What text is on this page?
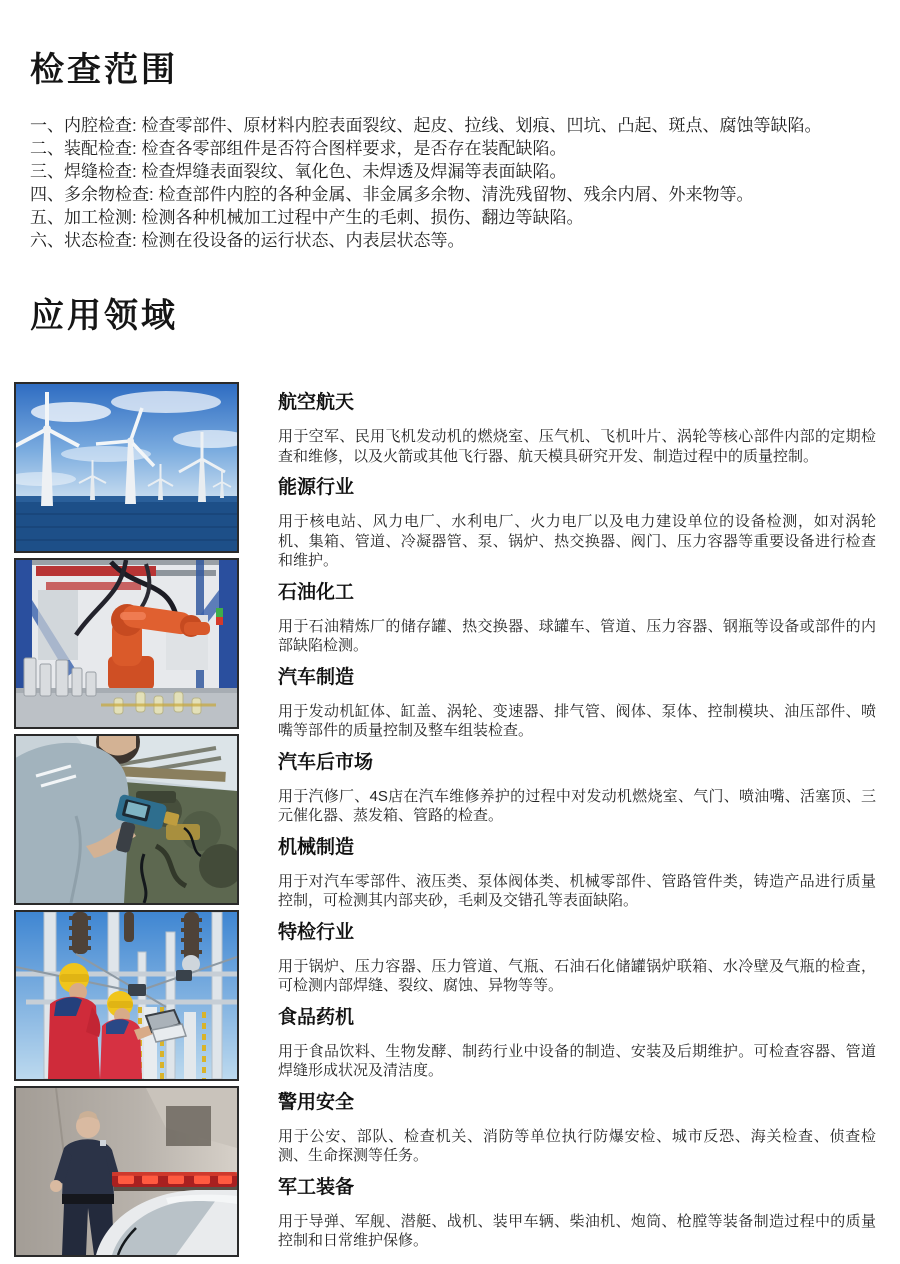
检查范围
一、内腔检查: 检查零部件、原材料内腔表面裂纹、起皮、拉线、划痕、凹坑、凸起、斑点、腐蚀等缺陷。
二、装配检查: 检查各零部组件是否符合图样要求，是否存在装配缺陷。
三、焊缝检查: 检查焊缝表面裂纹、氧化色、未焊透及焊漏等表面缺陷。
四、多余物检查: 检查部件内腔的各种金属、非金属多余物、清洗残留物、残余内屑、外来物等。
五、加工检测: 检测各种机械加工过程中产生的毛刺、损伤、翻边等缺陷。
六、状态检查: 检测在役设备的运行状态、内表层状态等。
应用领域
航空航天

用于空军、民用飞机发动机的燃烧室、压气机、飞机叶片、涡轮等核心部件内部的定期检查和维修，以及火箭或其他飞行器、航天模具研究开发、制造过程中的质量控制。

能源行业

用于核电站、风力电厂、水利电厂、火力电厂以及电力建设单位的设备检测，如对涡轮机、集箱、管道、冷凝器管、泵、锅炉、热交换器、阀门、压力容器等重要设备进行检查和维护。

石油化工

用于石油精炼厂的储存罐、热交换器、球罐车、管道、压力容器、钢瓶等设备或部件的内部缺陷检测。

汽车制造

用于发动机缸体、缸盖、涡轮、变速器、排气管、阀体、泵体、控制模块、油压部件、喷嘴等部件的质量控制及整车组装检查。

汽车后市场

用于汽修厂、4S店在汽车维修养护的过程中对发动机燃烧室、气门、喷油嘴、活塞顶、三元催化器、蒸发箱、管路的检查。

机械制造

用于对汽车零部件、液压类、泵体阀体类、机械零部件、管路管件类，铸造产品进行质量控制，可检测其内部夹砂，毛刺及交错孔等表面缺陷。

特检行业

用于锅炉、压力容器、压力管道、气瓶、石油石化储罐锅炉联箱、水冷壁及气瓶的检查，可检测内部焊缝、裂纹、腐蚀、异物等等。

食品药机

用于食品饮料、生物发酵、制药行业中设备的制造、安装及后期维护。可检查容器、管道焊缝形成状况及清洁度。

警用安全

用于公安、部队、检查机关、消防等单位执行防爆安检、城市反恐、海关检查、侦查检测、生命探测等任务。

军工装备

用于导弹、军舰、潜艇、战机、装甲车辆、柴油机、炮筒、枪膛等装备制造过程中的质量控制和日常维护保修。
